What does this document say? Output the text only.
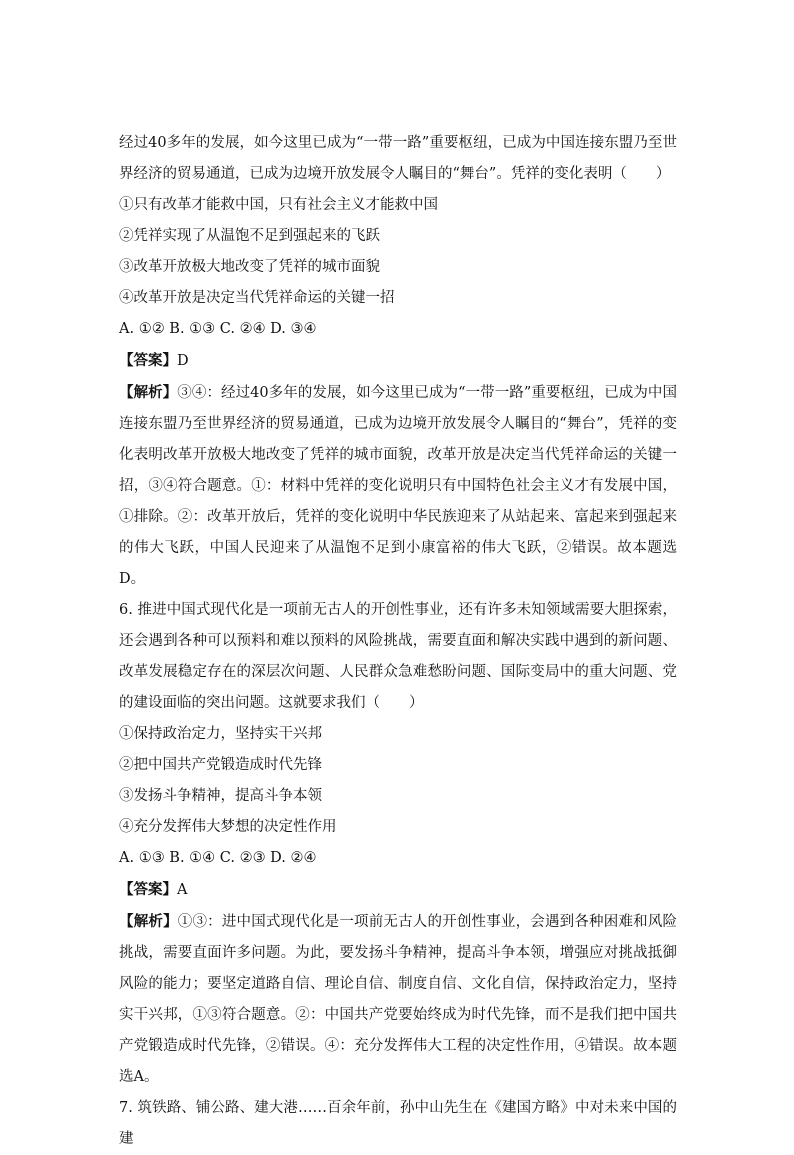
经过40多年的发展，如今这里已成为“一带一路”重要枢纽，已成为中国连接东盟乃至世界经济的贸易通道，已成为边境开放发展令人瞩目的“舞台”。凭祥的变化表明（　　）

①只有改革才能救中国，只有社会主义才能救中国

②凭祥实现了从温饱不足到强起来的飞跃

③改革开放极大地改变了凭祥的城市面貌

④改革开放是决定当代凭祥命运的关键一招

A. ①② B. ①③ C. ②④ D. ③④

【答案】D

【解析】③④：经过40多年的发展，如今这里已成为“一带一路”重要枢纽，已成为中国连接东盟乃至世界经济的贸易通道，已成为边境开放发展令人瞩目的“舞台”，凭祥的变化表明改革开放极大地改变了凭祥的城市面貌，改革开放是决定当代凭祥命运的关键一招，③④符合题意。①：材料中凭祥的变化说明只有中国特色社会主义才有发展中国，①排除。②：改革开放后，凭祥的变化说明中华民族迎来了从站起来、富起来到强起来的伟大飞跃，中国人民迎来了从温饱不足到小康富裕的伟大飞跃，②错误。故本题选D。

6. 推进中国式现代化是一项前无古人的开创性事业，还有许多未知领域需要大胆探索，还会遇到各种可以预料和难以预料的风险挑战，需要直面和解决实践中遇到的新问题、改革发展稳定存在的深层次问题、人民群众急难愁盼问题、国际变局中的重大问题、党的建设面临的突出问题。这就要求我们（　　）

①保持政治定力，坚持实干兴邦

②把中国共产党锻造成时代先锋

③发扬斗争精神，提高斗争本领

④充分发挥伟大梦想的决定性作用

A. ①③ B. ①④ C. ②③ D. ②④

【答案】A

【解析】①③：进中国式现代化是一项前无古人的开创性事业，会遇到各种困难和风险挑战，需要直面许多问题。为此，要发扬斗争精神，提高斗争本领，增强应对挑战抵御风险的能力；要坚定道路自信、理论自信、制度自信、文化自信，保持政治定力，坚持实干兴邦，①③符合题意。②：中国共产党要始终成为时代先锋，而不是我们把中国共产党锻造成时代先锋，②错误。④：充分发挥伟大工程的决定性作用，④错误。故本题选A。

7. 筑铁路、铺公路、建大港……百余年前，孙中山先生在《建国方略》中对未来中国的建
